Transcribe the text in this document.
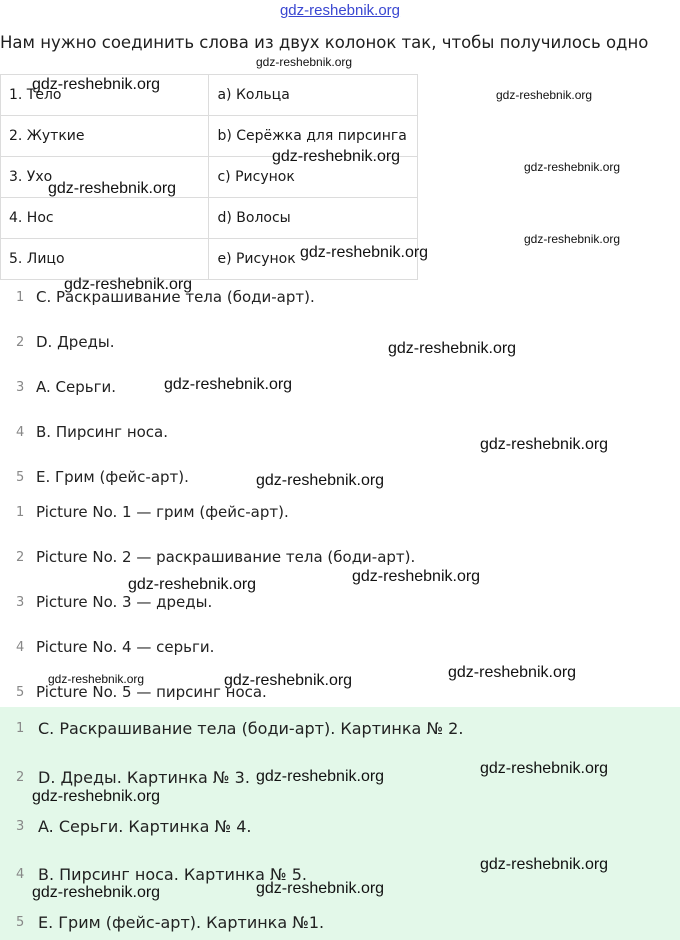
gdz-reshebnik.org
Нам нужно соединить слова из двух колонок так, чтобы получилось одно
1. Тело	a) Кольца
2. Жуткие	b) Серёжка для пирсинга
3. Ухо	c) Рисунок
4. Нос	d) Волосы
5. Лицо	e) Рисунок
1 C. Раскрашивание тела (боди-арт).
2 D. Дреды.
3 A. Серьги.
4 B. Пирсинг носа.
5 E. Грим (фейс-арт).
1 Picture No. 1 — грим (фейс-арт).
2 Picture No. 2 — раскрашивание тела (боди-арт).
3 Picture No. 3 — дреды.
4 Picture No. 4 — серьги.
5 Picture No. 5 — пирсинг носа.
1 C. Раскрашивание тела (боди-арт). Картинка № 2.
2 D. Дреды. Картинка № 3.
3 A. Серьги. Картинка № 4.
4 B. Пирсинг носа. Картинка № 5.
5 E. Грим (фейс-арт). Картинка №1.
gdz-reshebnik.org
gdz-reshebnik.org
gdz-reshebnik.org
gdz-reshebnik.org
gdz-reshebnik.org
gdz-reshebnik.org
gdz-reshebnik.org
gdz-reshebnik.org
gdz-reshebnik.org
gdz-reshebnik.org
gdz-reshebnik.org
gdz-reshebnik.org
gdz-reshebnik.org
gdz-reshebnik.org
gdz-reshebnik.org
gdz-reshebnik.org	gdz-reshebnik.org
gdz-reshebnik.org
gdz-reshebnik.org
gdz-reshebnik.org
gdz-reshebnik.org
gdz-reshebnik.org
gdz-reshebnik.org
gdz-reshebnik.org
